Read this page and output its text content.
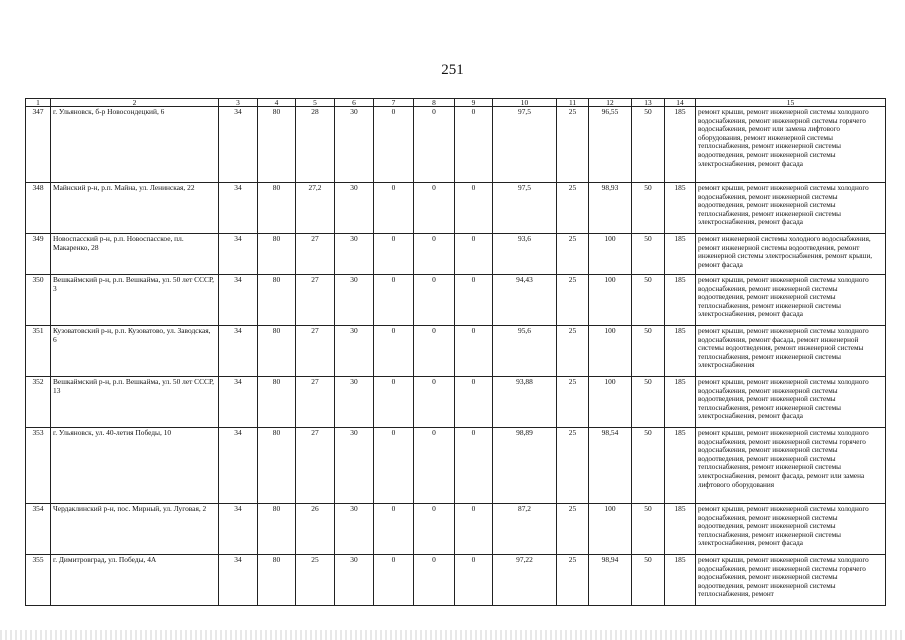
251
1	2	3	4	5	6	7	8	9	10	11	12	13	14	15
347	г. Ульяновск, б-р Новосондецкий, 6	34	80	28	30	0	0	0	97,5	25	96,55	50	185	ремонт крыши, ремонт инженерной системы холодного водоснабжения, ремонт инженерной системы горячего водоснабжения, ремонт или замена лифтового оборудования, ремонт инженерной системы теплоснабжения, ремонт инженерной системы водоотведения, ремонт инженерной системы электроснабжения, ремонт фасада
348	Майнский р-н, р.п. Майна, ул. Ленинская, 22	34	80	27,2	30	0	0	0	97,5	25	98,93	50	185	ремонт крыши, ремонт инженерной системы холодного водоснабжения, ремонт инженерной системы водоотведения, ремонт инженерной системы теплоснабжения, ремонт инженерной системы электроснабжения, ремонт фасада
349	Новоспасский р-н, р.п. Новоспасское, пл. Макаренко, 28	34	80	27	30	0	0	0	93,6	25	100	50	185	ремонт инженерной системы холодного водоснабжения, ремонт инженерной системы водоотведения, ремонт инженерной системы электроснабжения, ремонт крыши, ремонт фасада
350	Вешкаймский р-н, р.п. Вешкайма, ул. 50 лет СССР, 3	34	80	27	30	0	0	0	94,43	25	100	50	185	ремонт крыши, ремонт инженерной системы холодного водоснабжения, ремонт инженерной системы водоотведения, ремонт инженерной системы теплоснабжения, ремонт инженерной системы электроснабжения, ремонт фасада
351	Кузоватовский р-н, р.п. Кузоватово, ул. Заводская, 6	34	80	27	30	0	0	0	95,6	25	100	50	185	ремонт крыши, ремонт инженерной системы холодного водоснабжения, ремонт фасада, ремонт инженерной системы водоотведения, ремонт инженерной системы теплоснабжения, ремонт инженерной системы электроснабжения
352	Вешкаймский р-н, р.п. Вешкайма, ул. 50 лет СССР, 13	34	80	27	30	0	0	0	93,88	25	100	50	185	ремонт крыши, ремонт инженерной системы холодного водоснабжения, ремонт инженерной системы водоотведения, ремонт инженерной системы теплоснабжения, ремонт инженерной системы электроснабжения, ремонт фасада
353	г. Ульяновск, ул. 40-летия Победы, 10	34	80	27	30	0	0	0	98,89	25	98,54	50	185	ремонт крыши, ремонт инженерной системы холодного водоснабжения, ремонт инженерной системы горячего водоснабжения, ремонт инженерной системы водоотведения, ремонт инженерной системы теплоснабжения, ремонт инженерной системы электроснабжения, ремонт фасада, ремонт или замена лифтового оборудования
354	Чердаклинский р-н, пос. Мирный, ул. Луговая, 2	34	80	26	30	0	0	0	87,2	25	100	50	185	ремонт крыши, ремонт инженерной системы холодного водоснабжения, ремонт инженерной системы водоотведения, ремонт инженерной системы теплоснабжения, ремонт инженерной системы электроснабжения, ремонт фасада
355	г. Димитровград, ул. Победы, 4А	34	80	25	30	0	0	0	97,22	25	98,94	50	185	ремонт крыши, ремонт инженерной системы холодного водоснабжения, ремонт инженерной системы горячего водоснабжения, ремонт инженерной системы водоотведения, ремонт инженерной системы теплоснабжения, ремонт
